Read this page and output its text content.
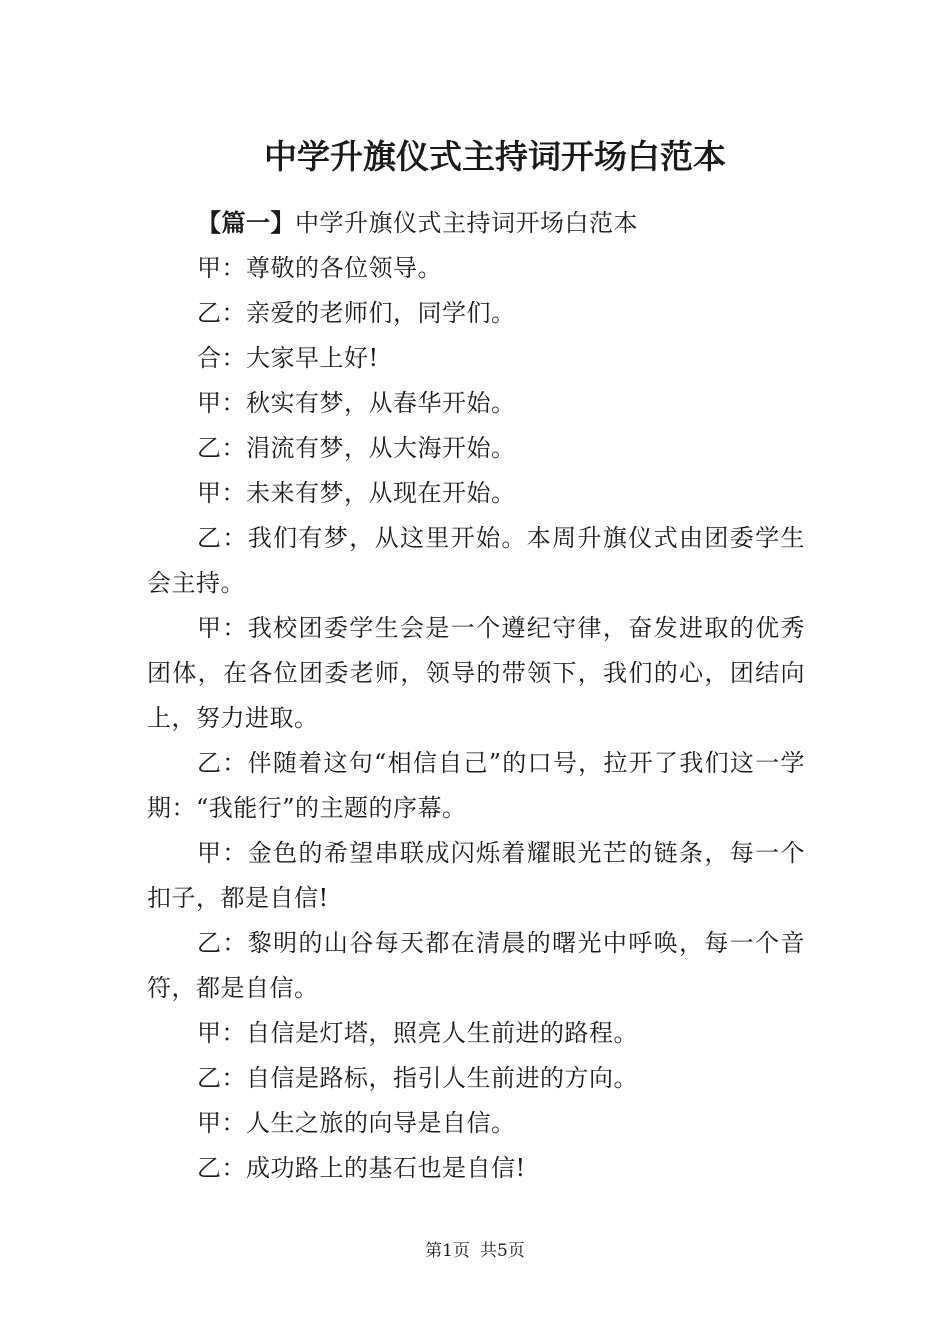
中学升旗仪式主持词开场白范本

【篇一】中学升旗仪式主持词开场白范本

甲：尊敬的各位领导。

乙：亲爱的老师们，同学们。

合：大家早上好!

甲：秋实有梦，从春华开始。

乙：涓流有梦，从大海开始。

甲：未来有梦，从现在开始。

乙：我们有梦，从这里开始。本周升旗仪式由团委学生会主持。

甲：我校团委学生会是一个遵纪守律，奋发进取的优秀团体，在各位团委老师，领导的带领下，我们的心，团结向上，努力进取。

乙：伴随着这句“相信自己”的口号，拉开了我们这一学期：“我能行”的主题的序幕。

甲：金色的希望串联成闪烁着耀眼光芒的链条，每一个扣子，都是自信!

乙：黎明的山谷每天都在清晨的曙光中呼唤，每一个音符，都是自信。

甲：自信是灯塔，照亮人生前进的路程。

乙：自信是路标，指引人生前进的方向。

甲：人生之旅的向导是自信。

乙：成功路上的基石也是自信!

第1页 共5页
